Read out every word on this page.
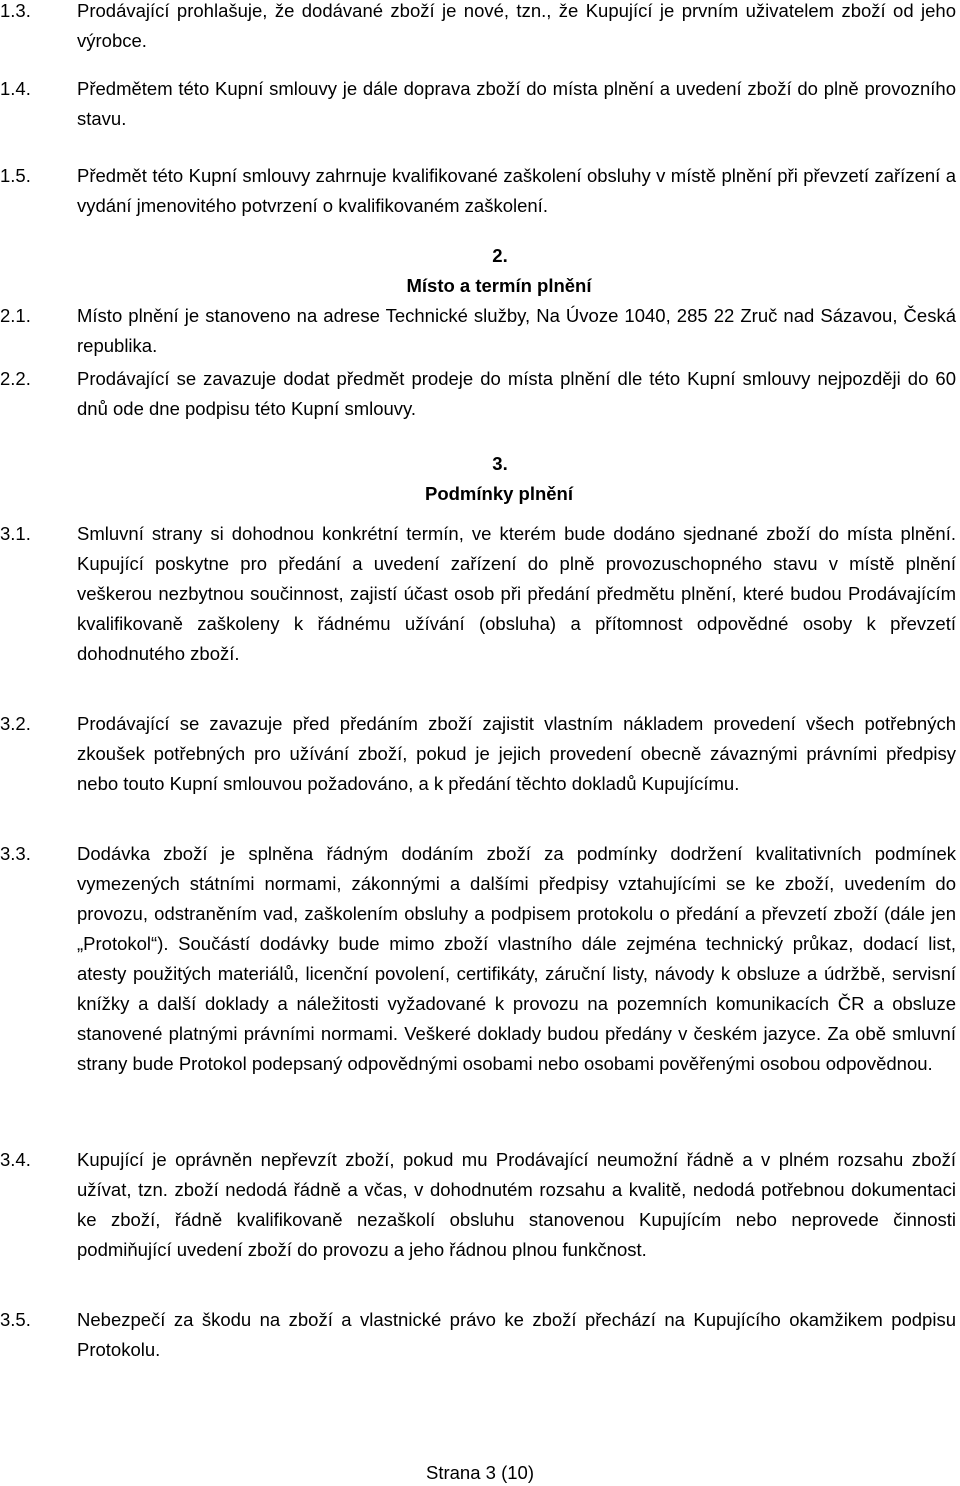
1.3. Prodávající prohlašuje, že dodávané zboží je nové, tzn., že Kupující je prvním uživatelem zboží od jeho výrobce.
1.4. Předmětem této Kupní smlouvy je dále doprava zboží do místa plnění a uvedení zboží do plně provozního stavu.
1.5. Předmět této Kupní smlouvy zahrnuje kvalifikované zaškolení obsluhy v místě plnění při převzetí zařízení a vydání jmenovitého potvrzení o kvalifikovaném zaškolení.
2.
Místo a termín plnění
2.1. Místo plnění je stanoveno na adrese Technické služby, Na Úvoze 1040, 285 22 Zruč nad Sázavou, Česká republika.
2.2. Prodávající se zavazuje dodat předmět prodeje do místa plnění dle této Kupní smlouvy nejpozději do 60 dnů ode dne podpisu této Kupní smlouvy.
3.
Podmínky plnění
3.1. Smluvní strany si dohodnou konkrétní termín, ve kterém bude dodáno sjednané zboží do místa plnění. Kupující poskytne pro předání a uvedení zařízení do plně provozuschopného stavu v místě plnění veškerou nezbytnou součinnost, zajistí účast osob při předání předmětu plnění, které budou Prodávajícím kvalifikovaně zaškoleny k řádnému užívání (obsluha) a přítomnost odpovědné osoby k převzetí dohodnutého zboží.
3.2. Prodávající se zavazuje před předáním zboží zajistit vlastním nákladem provedení všech potřebných zkoušek potřebných pro užívání zboží, pokud je jejich provedení obecně závaznými právními předpisy nebo touto Kupní smlouvou požadováno, a k předání těchto dokladů Kupujícímu.
3.3. Dodávka zboží je splněna řádným dodáním zboží za podmínky dodržení kvalitativních podmínek vymezených státními normami, zákonnými a dalšími předpisy vztahujícími se ke zboží, uvedením do provozu, odstraněním vad, zaškolením obsluhy a podpisem protokolu o předání a převzetí zboží (dále jen „Protokol“). Součástí dodávky bude mimo zboží vlastního dále zejména technický průkaz, dodací list, atesty použitých materiálů, licenční povolení, certifikáty, záruční listy, návody k obsluze a údržbě, servisní knížky a další doklady a náležitosti vyžadované k provozu na pozemních komunikacích ČR a obsluze stanovené platnými právními normami. Veškeré doklady budou předány v českém jazyce. Za obě smluvní strany bude Protokol podepsaný odpovědnými osobami nebo osobami pověřenými osobou odpovědnou.
3.4. Kupující je oprávněn nepřevzít zboží, pokud mu Prodávající neumožní řádně a v plném rozsahu zboží užívat, tzn. zboží nedodá řádně a včas, v dohodnutém rozsahu a kvalitě, nedodá potřebnou dokumentaci ke zboží, řádně kvalifikovaně nezaškolí obsluhu stanovenou Kupujícím nebo neprovede činnosti podmiňující uvedení zboží do provozu a jeho řádnou plnou funkčnost.
3.5. Nebezpečí za škodu na zboží a vlastnické právo ke zboží přechází na Kupujícího okamžikem podpisu Protokolu.
Strana 3 (10)
